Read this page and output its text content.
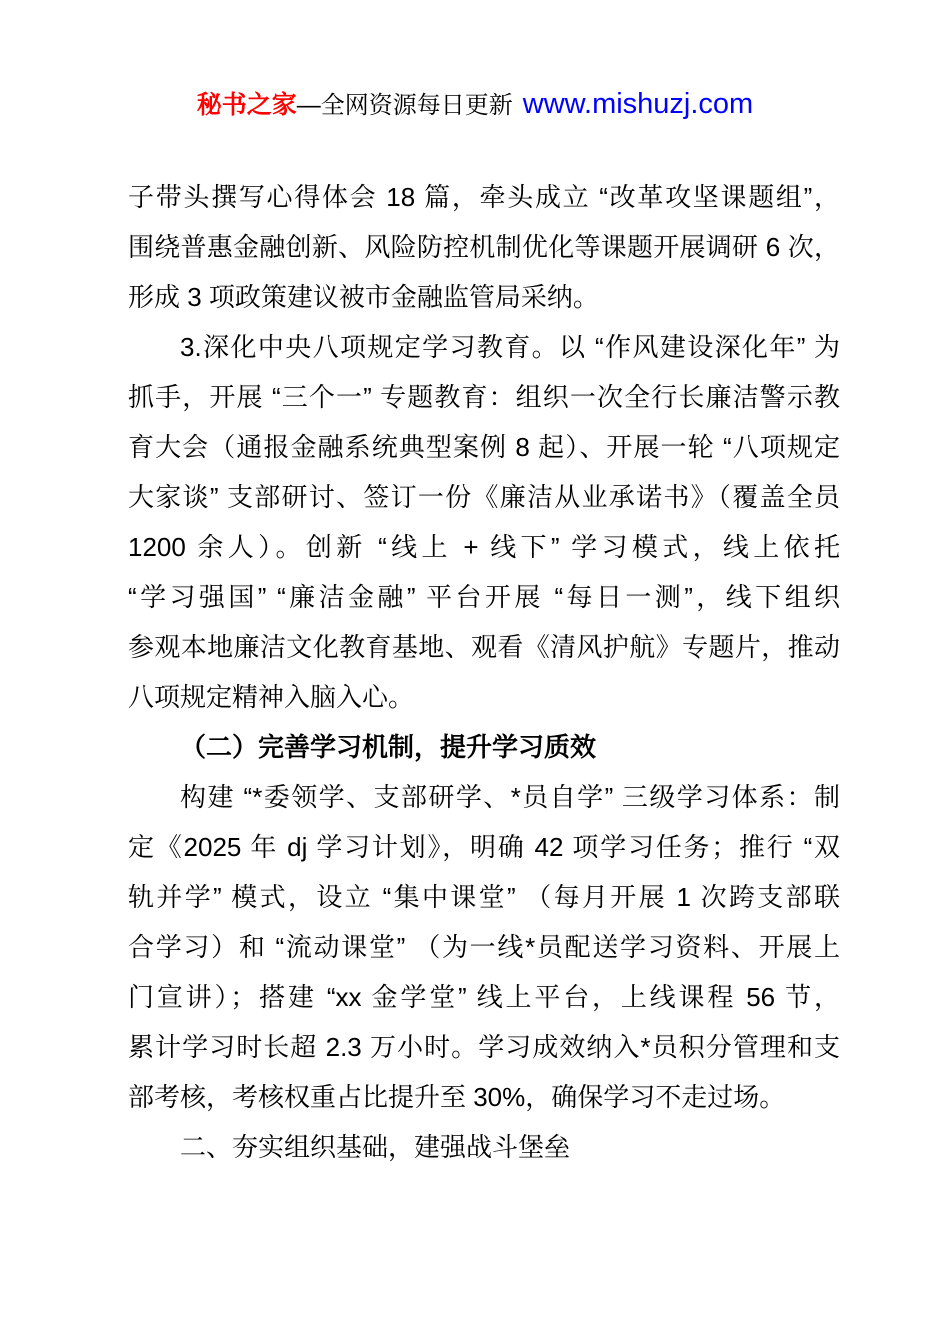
秘书之家—全网资源每日更新 www.mishuzj.com
子带头撰写心得体会 18 篇，牵头成立 “改革攻坚课题组”，
围绕普惠金融创新、风险防控机制优化等课题开展调研 6 次，
形成 3 项政策建议被市金融监管局采纳。
3.深化中央八项规定学习教育。以 “作风建设深化年” 为
抓手，开展 “三个一” 专题教育：组织一次全行长廉洁警示教
育大会（通报金融系统典型案例 8 起）、开展一轮 “八项规定
大家谈” 支部研讨、签订一份《廉洁从业承诺书》（覆盖全员
1200 余人）。创新 “线上 + 线下” 学习模式，线上依托
“学习强国” “廉洁金融” 平台开展 “每日一测”，线下组织
参观本地廉洁文化教育基地、观看《清风护航》专题片，推动
八项规定精神入脑入心。
（二）完善学习机制，提升学习质效
构建 “*委领学、支部研学、*员自学” 三级学习体系：制
定《2025 年 dj 学习计划》，明确 42 项学习任务；推行 “双
轨并学” 模式，设立 “集中课堂” （每月开展 1 次跨支部联
合学习）和 “流动课堂” （为一线*员配送学习资料、开展上
门宣讲）；搭建 “xx 金学堂” 线上平台，上线课程 56 节，
累计学习时长超 2.3 万小时。学习成效纳入*员积分管理和支
部考核，考核权重占比提升至 30%，确保学习不走过场。
二、夯实组织基础，建强战斗堡垒
